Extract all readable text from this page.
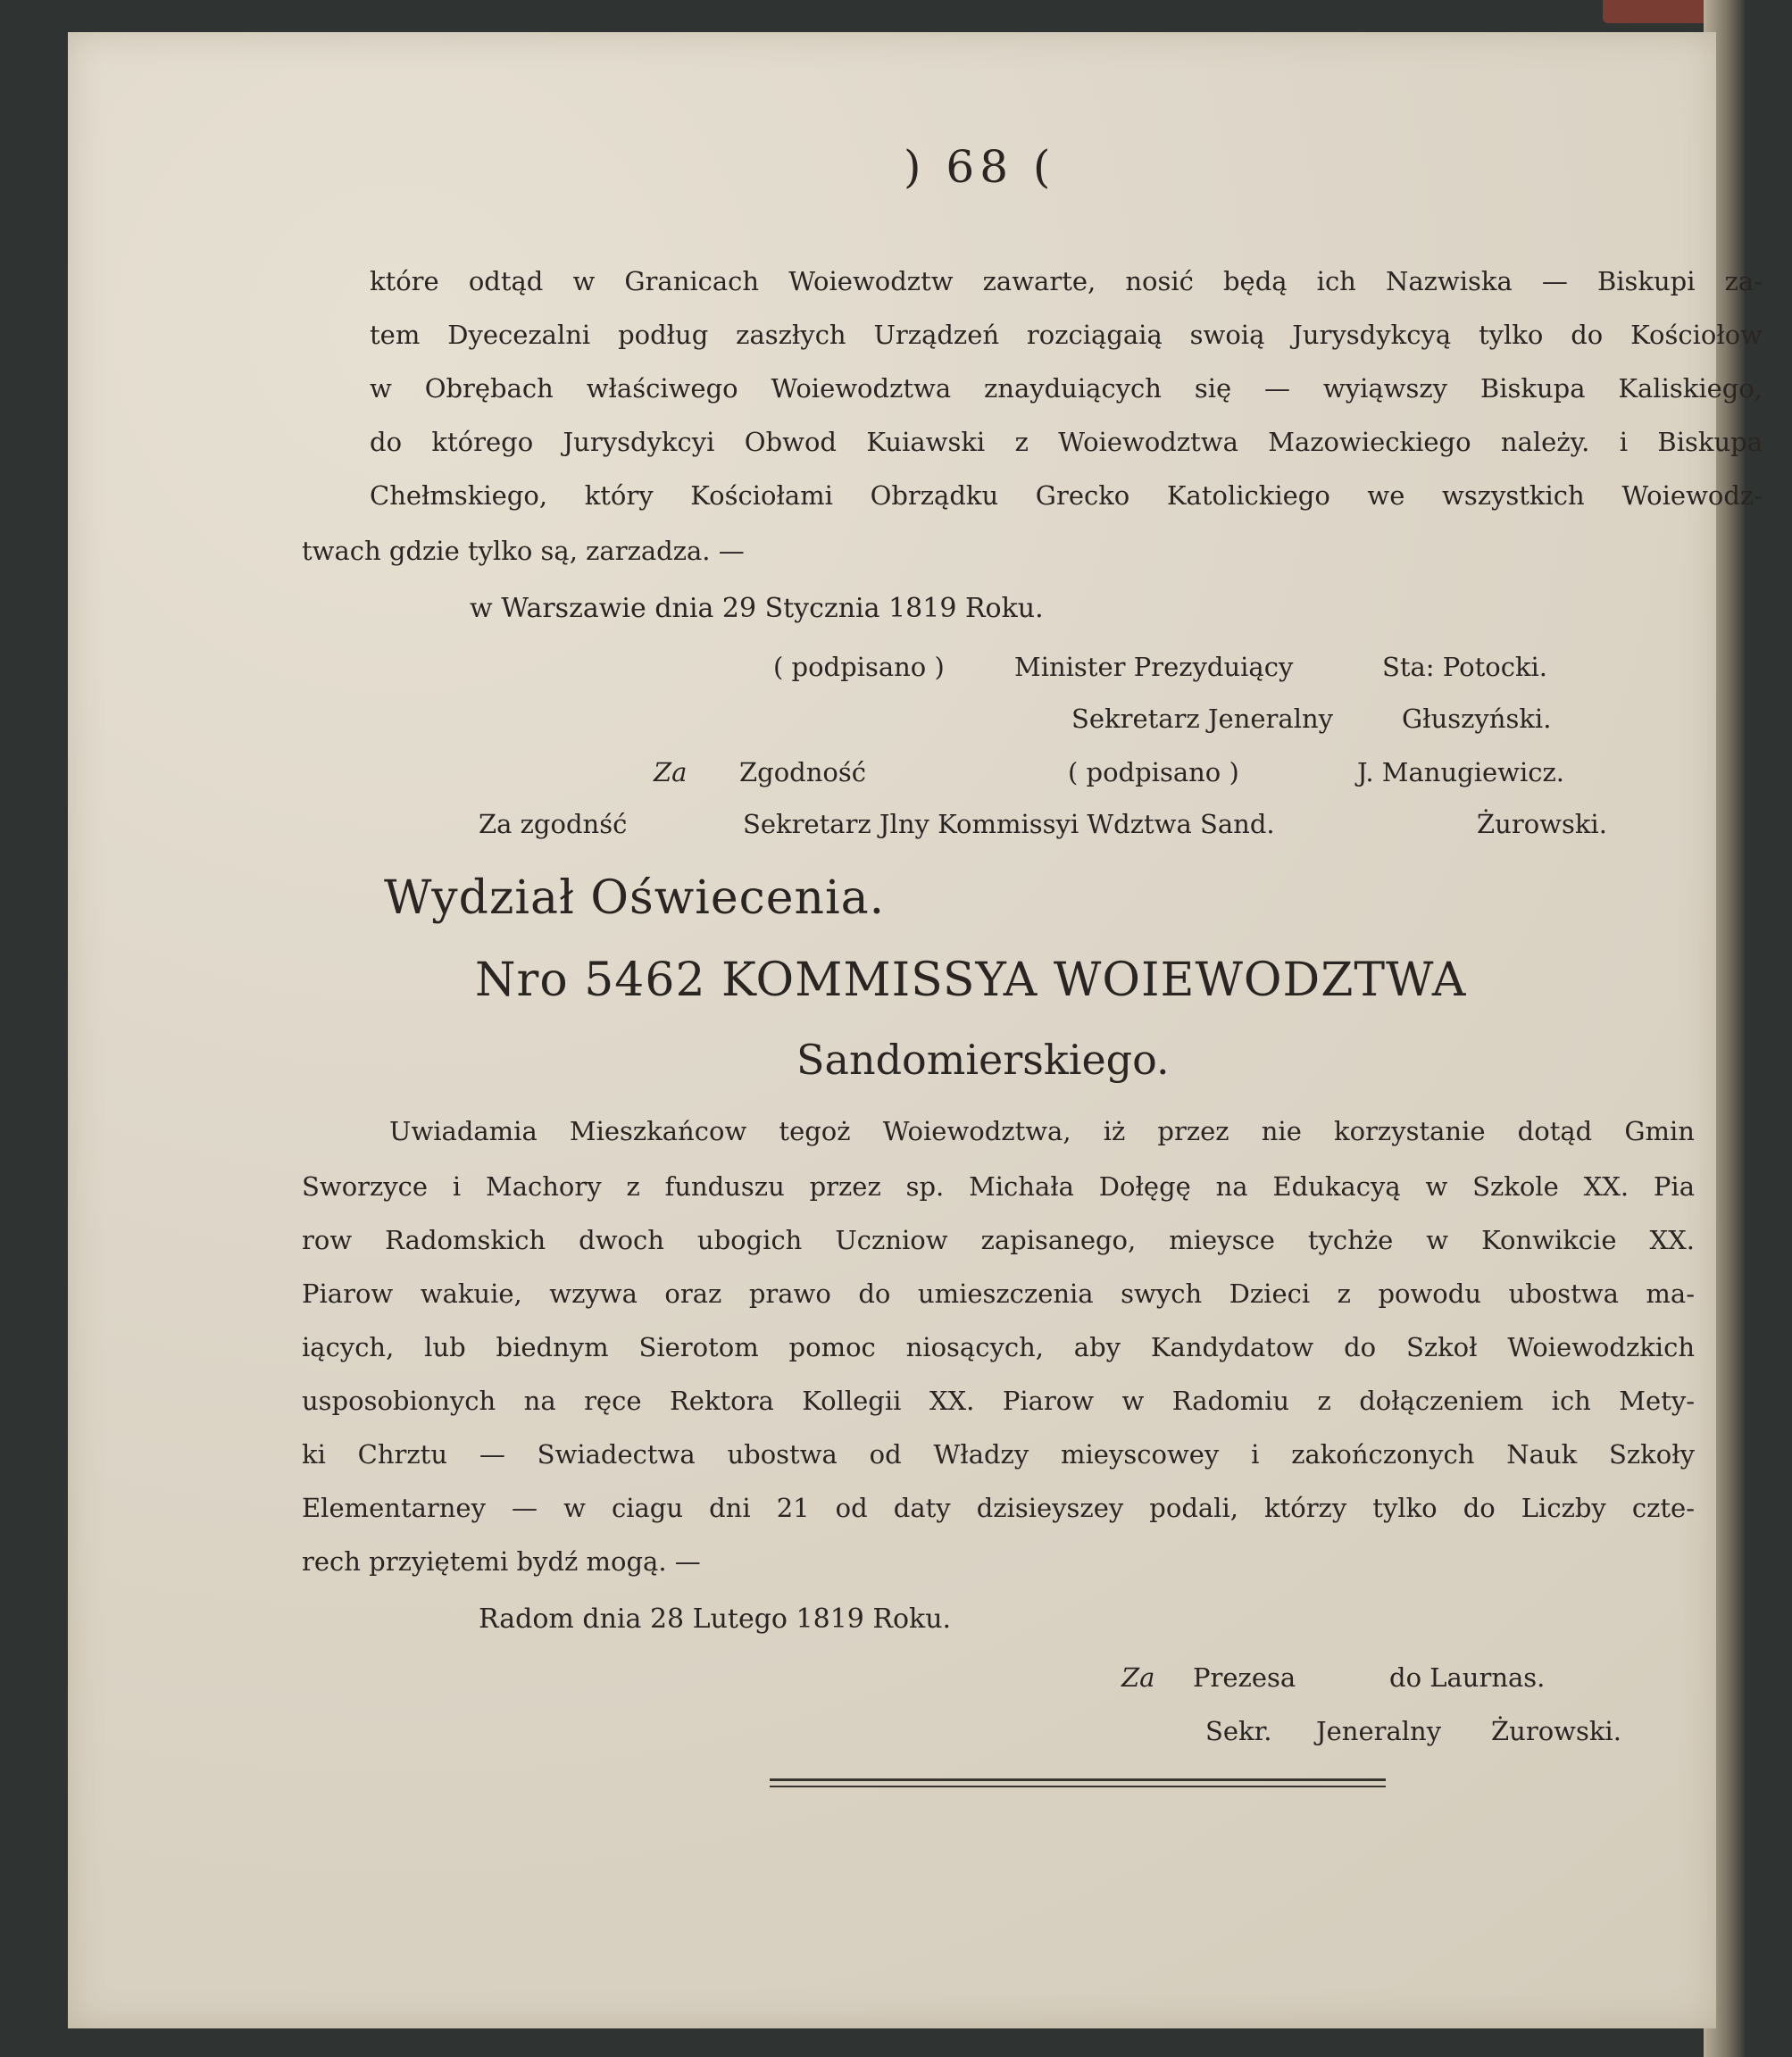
) 68 (
które odtąd w Granicach Woiewodztw zawarte, nosić będą ich Nazwiska — Biskupi za-
tem Dyecezalni podług zaszłych Urządzeń rozciągaią swoią Jurysdykcyą tylko do Kościołow
w Obrębach właściwego Woiewodztwa znayduiących się — wyiąwszy Biskupa Kaliskiego,
do którego Jurysdykcyi Obwod Kuiawski z Woiewodztwa Mazowieckiego należy. i Biskupa
Chełmskiego, który Kościołami Obrządku Grecko Katolickiego we wszystkich Woiewodz-
twach gdzie tylko są, zarzadza. —
w Warszawie dnia 29 Stycznia 1819 Roku.
( podpisano )	Minister Prezyduiący	Sta: Potocki.
Sekretarz Jeneralny	Głuszyński.
Za Zgodność	( podpisano )	J. Manugiewicz.
Za zgodnść	Sekretarz Jlny Kommissyi Wdztwa Sand.	Żurowski.
Wydział Oświecenia.
Nro 5462 KOMMISSYA WOIEWODZTWA
Sandomierskiego.
Uwiadamia Mieszkańcow tegoż Woiewodztwa, iż przez nie korzystanie dotąd Gmin
Sworzyce i Machory z funduszu przez sp. Michała Dołęgę na Edukacyą w Szkole XX. Pia
row Radomskich dwoch ubogich Uczniow zapisanego, mieysce tychże w Konwikcie XX.
Piarow wakuie, wzywa oraz prawo do umieszczenia swych Dzieci z powodu ubostwa ma-
iących, lub biednym Sierotom pomoc niosących, aby Kandydatow do Szkoł Woiewodzkich
usposobionych na ręce Rektora Kollegii XX. Piarow w Radomiu z dołączeniem ich Mety-
ki Chrztu — Swiadectwa ubostwa od Władzy mieyscowey i zakończonych Nauk Szkoły
Elementarney — w ciagu dni 21 od daty dzisieyszey podali, którzy tylko do Liczby czte-
rech przyiętemi bydź mogą. —
Radom dnia 28 Lutego 1819 Roku.
Za Prezesa	do Laurnas.
Sekr. Jeneralny Żurowski.
